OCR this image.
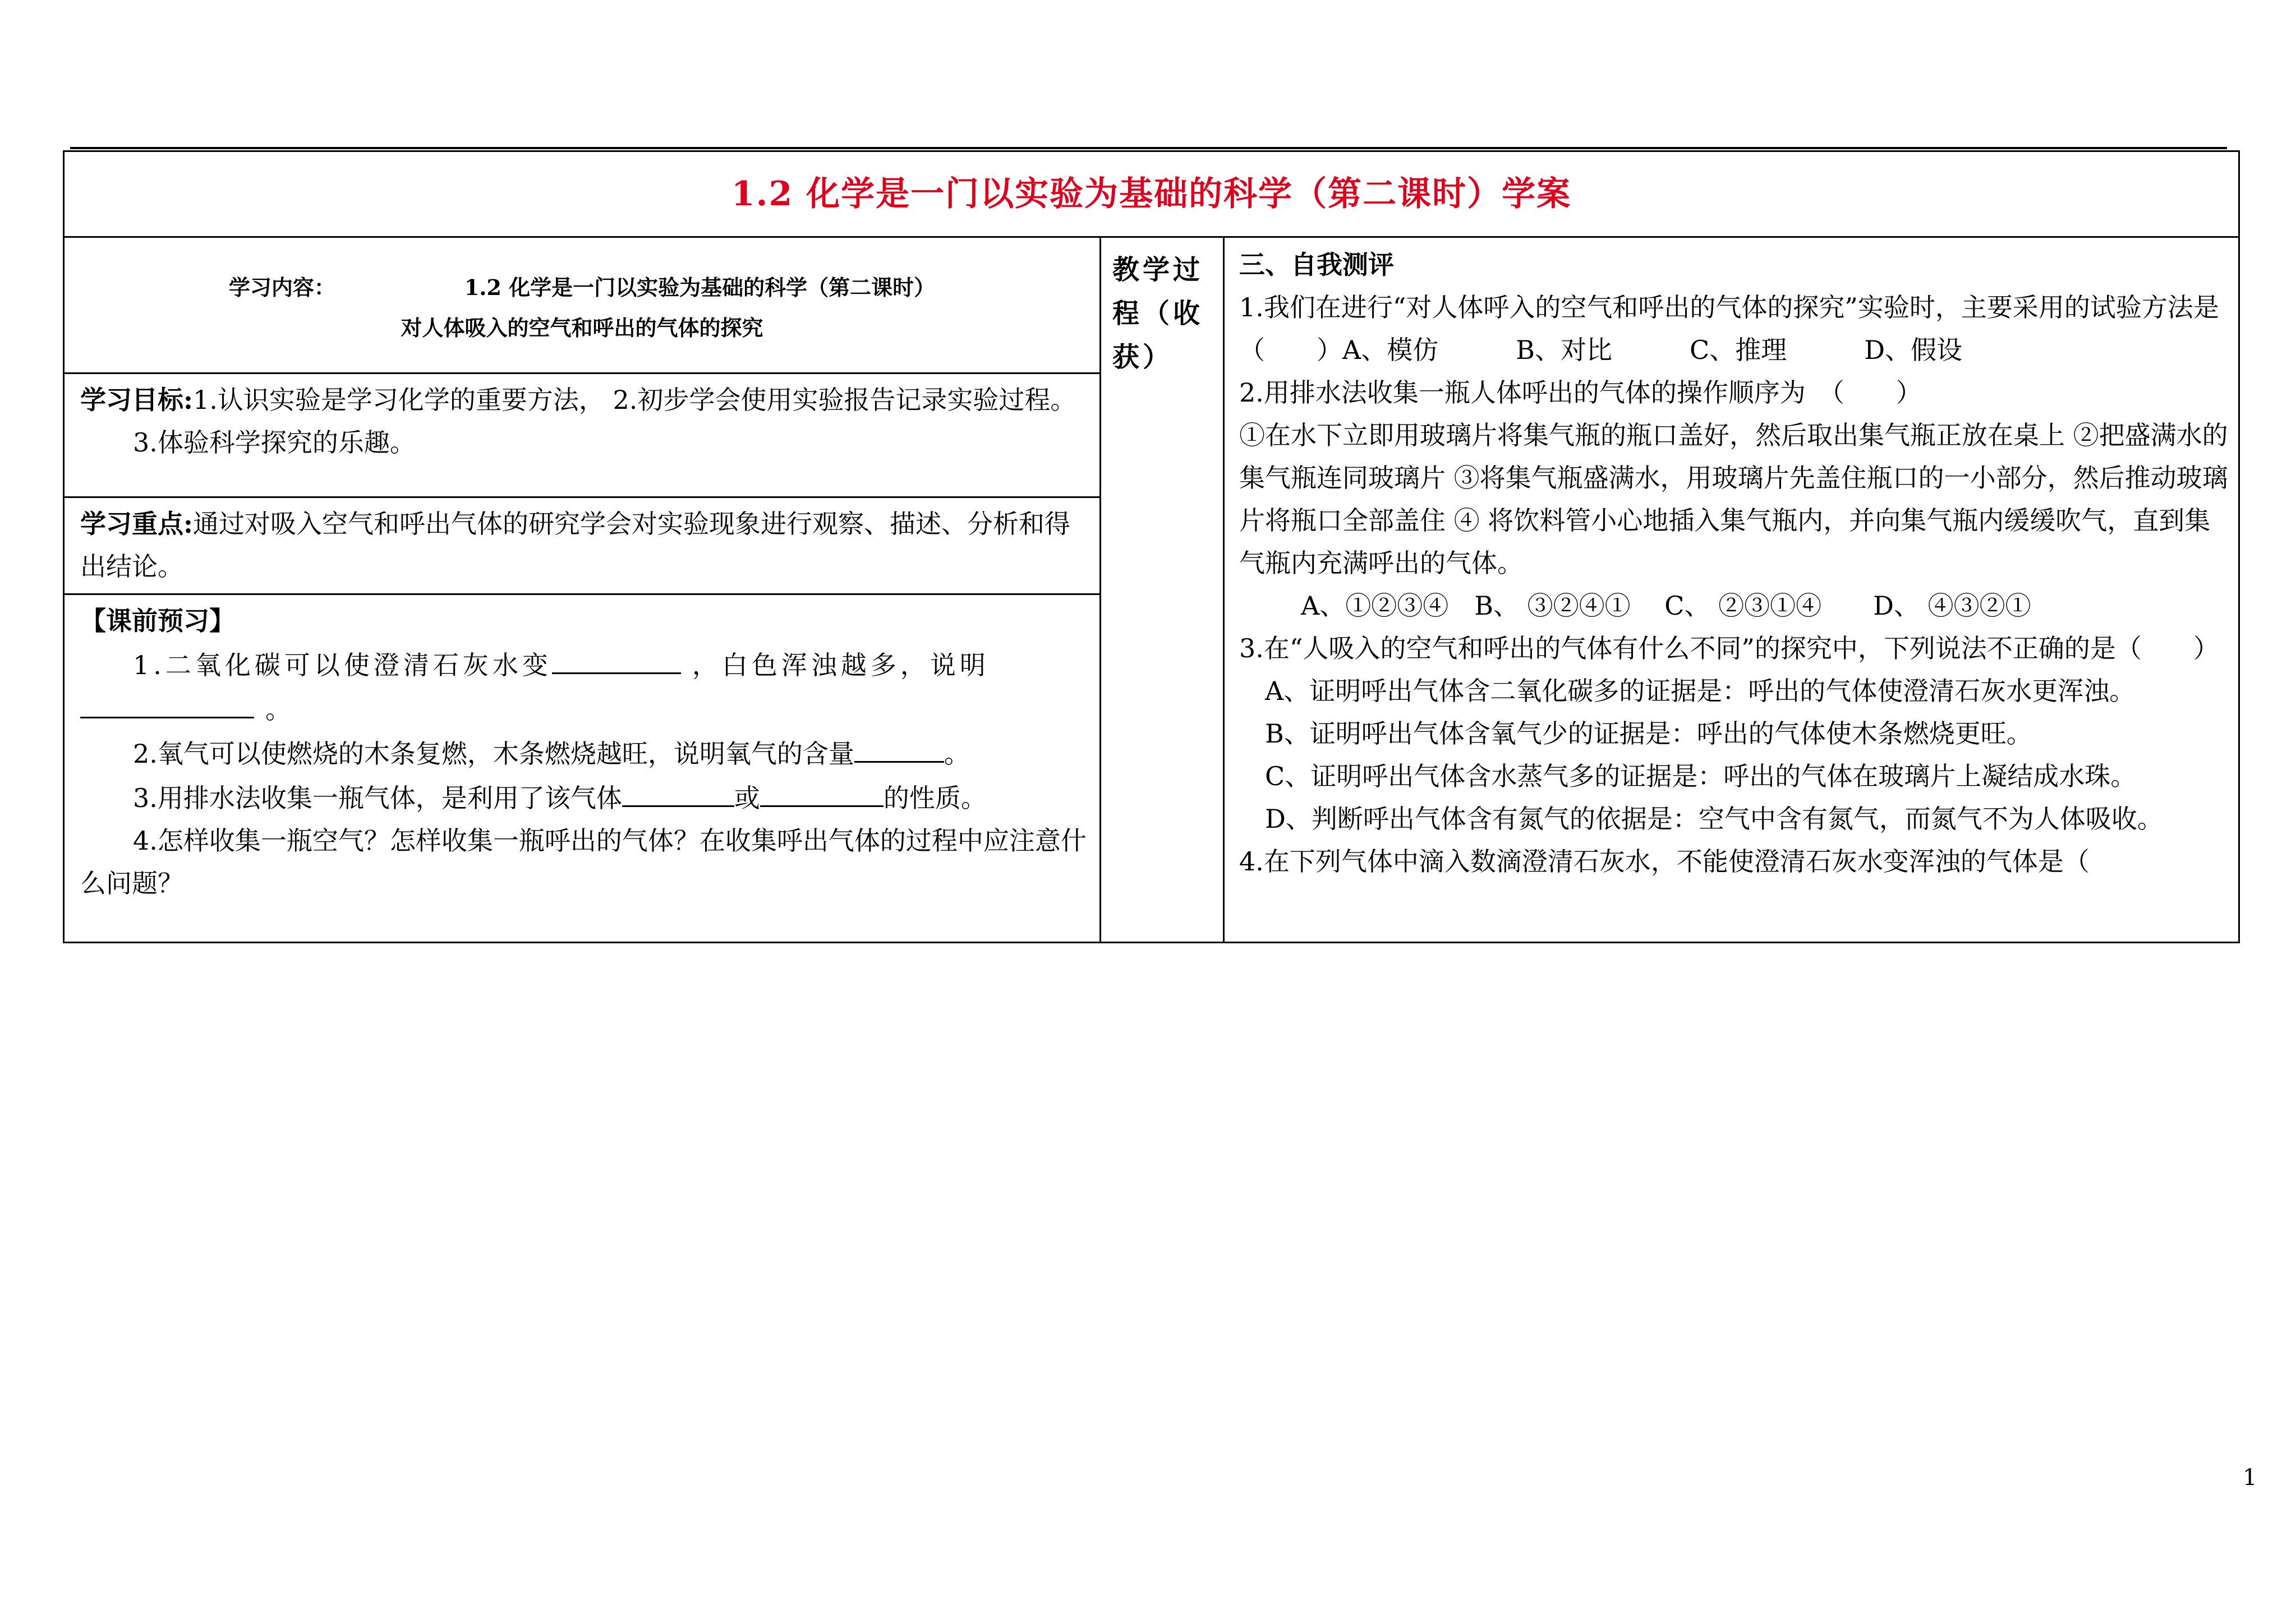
1.2 化学是一门以实验为基础的科学（第二课时）学案

学习内容：	1.2 化学是一门以实验为基础的科学（第二课时）
对人体吸入的空气和呼出的气体的探究

教学过程（收获）

三、自我测评

1.我们在进行“对人体呼入的空气和呼出的气体的探究”实验时，主要采用的试验方法是（　　）A、模仿　　　B、对比　　　C、推理　　　D、假设

2.用排水法收集一瓶人体呼出的气体的操作顺序为　（　　）

①在水下立即用玻璃片将集气瓶的瓶口盖好，然后取出集气瓶正放在桌上 ②把盛满水的集气瓶连同玻璃片 ③将集气瓶盛满水，用玻璃片先盖住瓶口的一小部分，然后推动玻璃片将瓶口全部盖住 ④ 将饮料管小心地插入集气瓶内，并向集气瓶内缓缓吹气，直到集气瓶内充满呼出的气体。

A、①②③④　B、 ③②④①　 C、 ②③①④　　D、 ④③②①

3.在“人吸入的空气和呼出的气体有什么不同”的探究中，下列说法不正确的是（　　）

A、证明呼出气体含二氧化碳多的证据是：呼出的气体使澄清石灰水更浑浊。

B、证明呼出气体含氧气少的证据是：呼出的气体使木条燃烧更旺。

C、证明呼出气体含水蒸气多的证据是：呼出的气体在玻璃片上凝结成水珠。

D、判断呼出气体含有氮气的依据是：空气中含有氮气，而氮气不为人体吸收。

4.在下列气体中滴入数滴澄清石灰水，不能使澄清石灰水变浑浊的气体是（

学习目标:1.认识实验是学习化学的重要方法， 2.初步学会使用实验报告记录实验过程。

3.体验科学探究的乐趣。

学习重点:通过对吸入空气和呼出气体的研究学会对实验现象进行观察、描述、分析和得出结论。

【课前预习】

1.二氧化碳可以使澄清石灰水变	，白色浑浊越多，说明
。

2.氧气可以使燃烧的木条复燃，木条燃烧越旺，说明氧气的含量	。

3.用排水法收集一瓶气体，是利用了该气体	或	的性质。

4.怎样收集一瓶空气？怎样收集一瓶呼出的气体？在收集呼出气体的过程中应注意什么问题？

1
